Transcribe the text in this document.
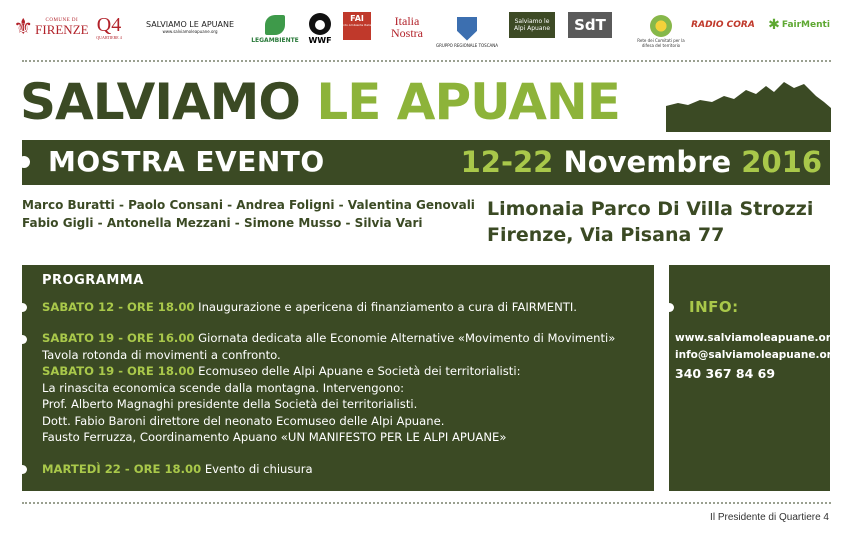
⚜	COMUNE DI
FIRENZE Q4
QUARTIERE 4
SALVIAMO LE APUANE
www.salviamoleapuane.org
LEGAMBIENTE WWF
FAI
Fondo Ambiente Italiano Italia
Nostra
GRUPPO REGIONALE TOSCANA
Salviamo le Alpi Apuane SdT
Rete dei Comitati per la difesa del territorio
RADIO CORA ✱ FairMenti
SALVIAMO LE APUANE
MOSTRA EVENTO	12-22 Novembre 2016
Marco Buratti - Paolo Consani - Andrea Foligni - Valentina Genovali
Fabio Gigli - Antonella Mezzani - Simone Musso - Silvia Vari
Limonaia Parco Di Villa Strozzi
Firenze, Via Pisana 77
PROGRAMMA
SABATO 12 - ORE 18.00 Inaugurazione e apericena di finanziamento a cura di FAIRMENTI.
SABATO 19 - ORE 16.00 Giornata dedicata alle Economie Alternative «Movimento di Movimenti»
Tavola rotonda di movimenti a confronto.
SABATO 19 - ORE 18.00 Ecomuseo delle Alpi Apuane e Società dei territorialisti:
La rinascita economica scende dalla montagna. Intervengono:
Prof. Alberto Magnaghi presidente della Società dei territorialisti.
Dott. Fabio Baroni direttore del neonato Ecomuseo delle Alpi Apuane.
Fausto Ferruzza, Coordinamento Apuano «UN MANIFESTO PER LE ALPI APUANE»
MARTEDÌ 22 - ORE 18.00 Evento di chiusura
INFO:
www.salviamoleapuane.org
info@salviamoleapuane.org
340 367 84 69
Il Presidente di Quartiere 4
